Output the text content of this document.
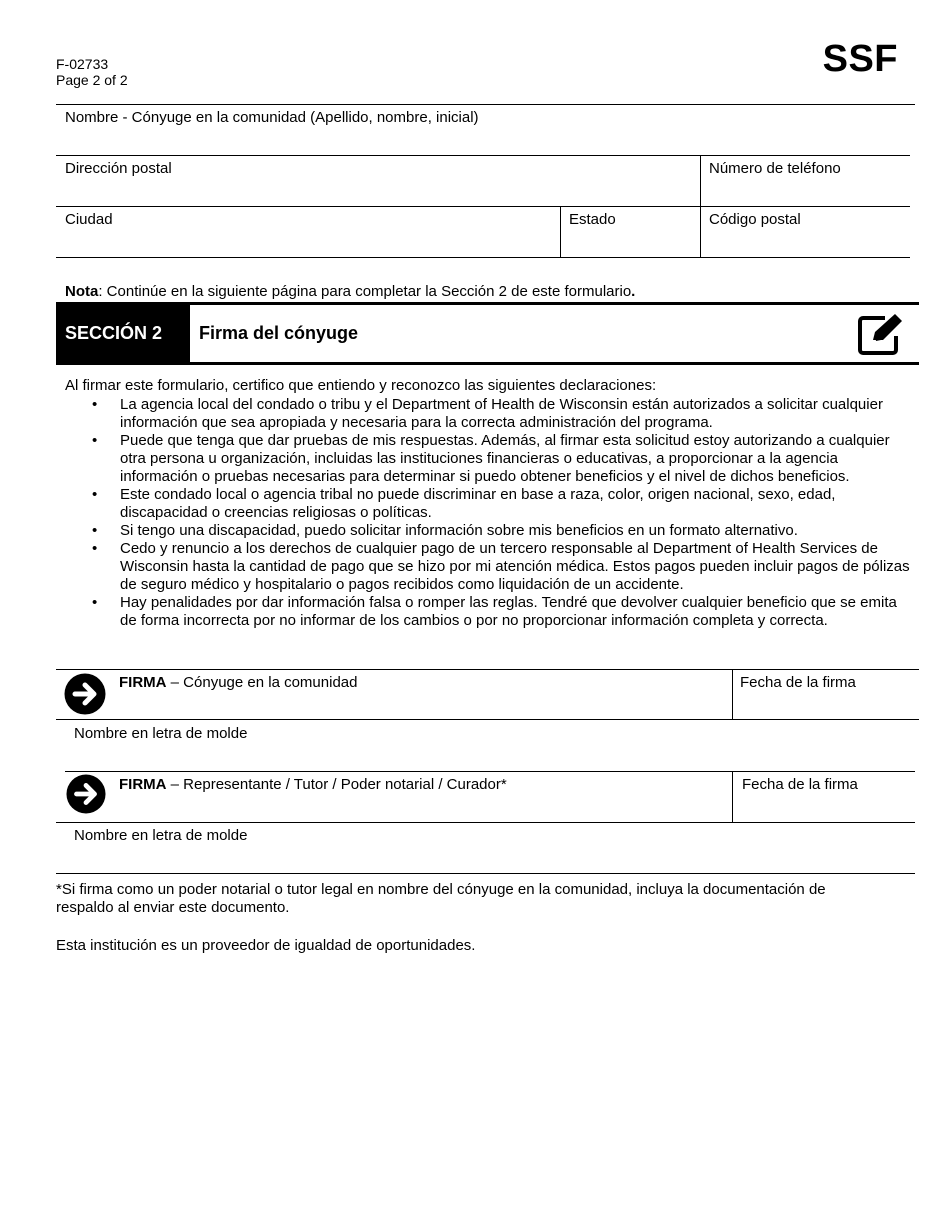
F-02733
Page 2 of 2	SSF
Nombre - Cónyuge en la comunidad (Apellido, nombre, inicial)
Dirección postal	Número de teléfono
Ciudad	Estado	Código postal
Nota: Continúe en la siguiente página para completar la Sección 2 de este formulario.
SECCIÓN 2	Firma del cónyuge
Al firmar este formulario, certifico que entiendo y reconozco las siguientes declaraciones:
• La agencia local del condado o tribu y el Department of Health de Wisconsin están autorizados a solicitar cualquier información que sea apropiada y necesaria para la correcta administración del programa.
• Puede que tenga que dar pruebas de mis respuestas. Además, al firmar esta solicitud estoy autorizando a cualquier otra persona u organización, incluidas las instituciones financieras o educativas, a proporcionar a la agencia información o pruebas necesarias para determinar si puedo obtener beneficios y el nivel de dichos beneficios.
• Este condado local o agencia tribal no puede discriminar en base a raza, color, origen nacional, sexo, edad, discapacidad o creencias religiosas o políticas.
• Si tengo una discapacidad, puedo solicitar información sobre mis beneficios en un formato alternativo.
• Cedo y renuncio a los derechos de cualquier pago de un tercero responsable al Department of Health Services de Wisconsin hasta la cantidad de pago que se hizo por mi atención médica. Estos pagos pueden incluir pagos de pólizas de seguro médico y hospitalario o pagos recibidos como liquidación de un accidente.
• Hay penalidades por dar información falsa o romper las reglas. Tendré que devolver cualquier beneficio que se emita de forma incorrecta por no informar de los cambios o por no proporcionar información completa y correcta.
FIRMA – Cónyuge en la comunidad	Fecha de la firma
Nombre en letra de molde
FIRMA – Representante / Tutor / Poder notarial / Curador*	Fecha de la firma
Nombre en letra de molde
*Si firma como un poder notarial o tutor legal en nombre del cónyuge en la comunidad, incluya la documentación de respaldo al enviar este documento.
Esta institución es un proveedor de igualdad de oportunidades.
